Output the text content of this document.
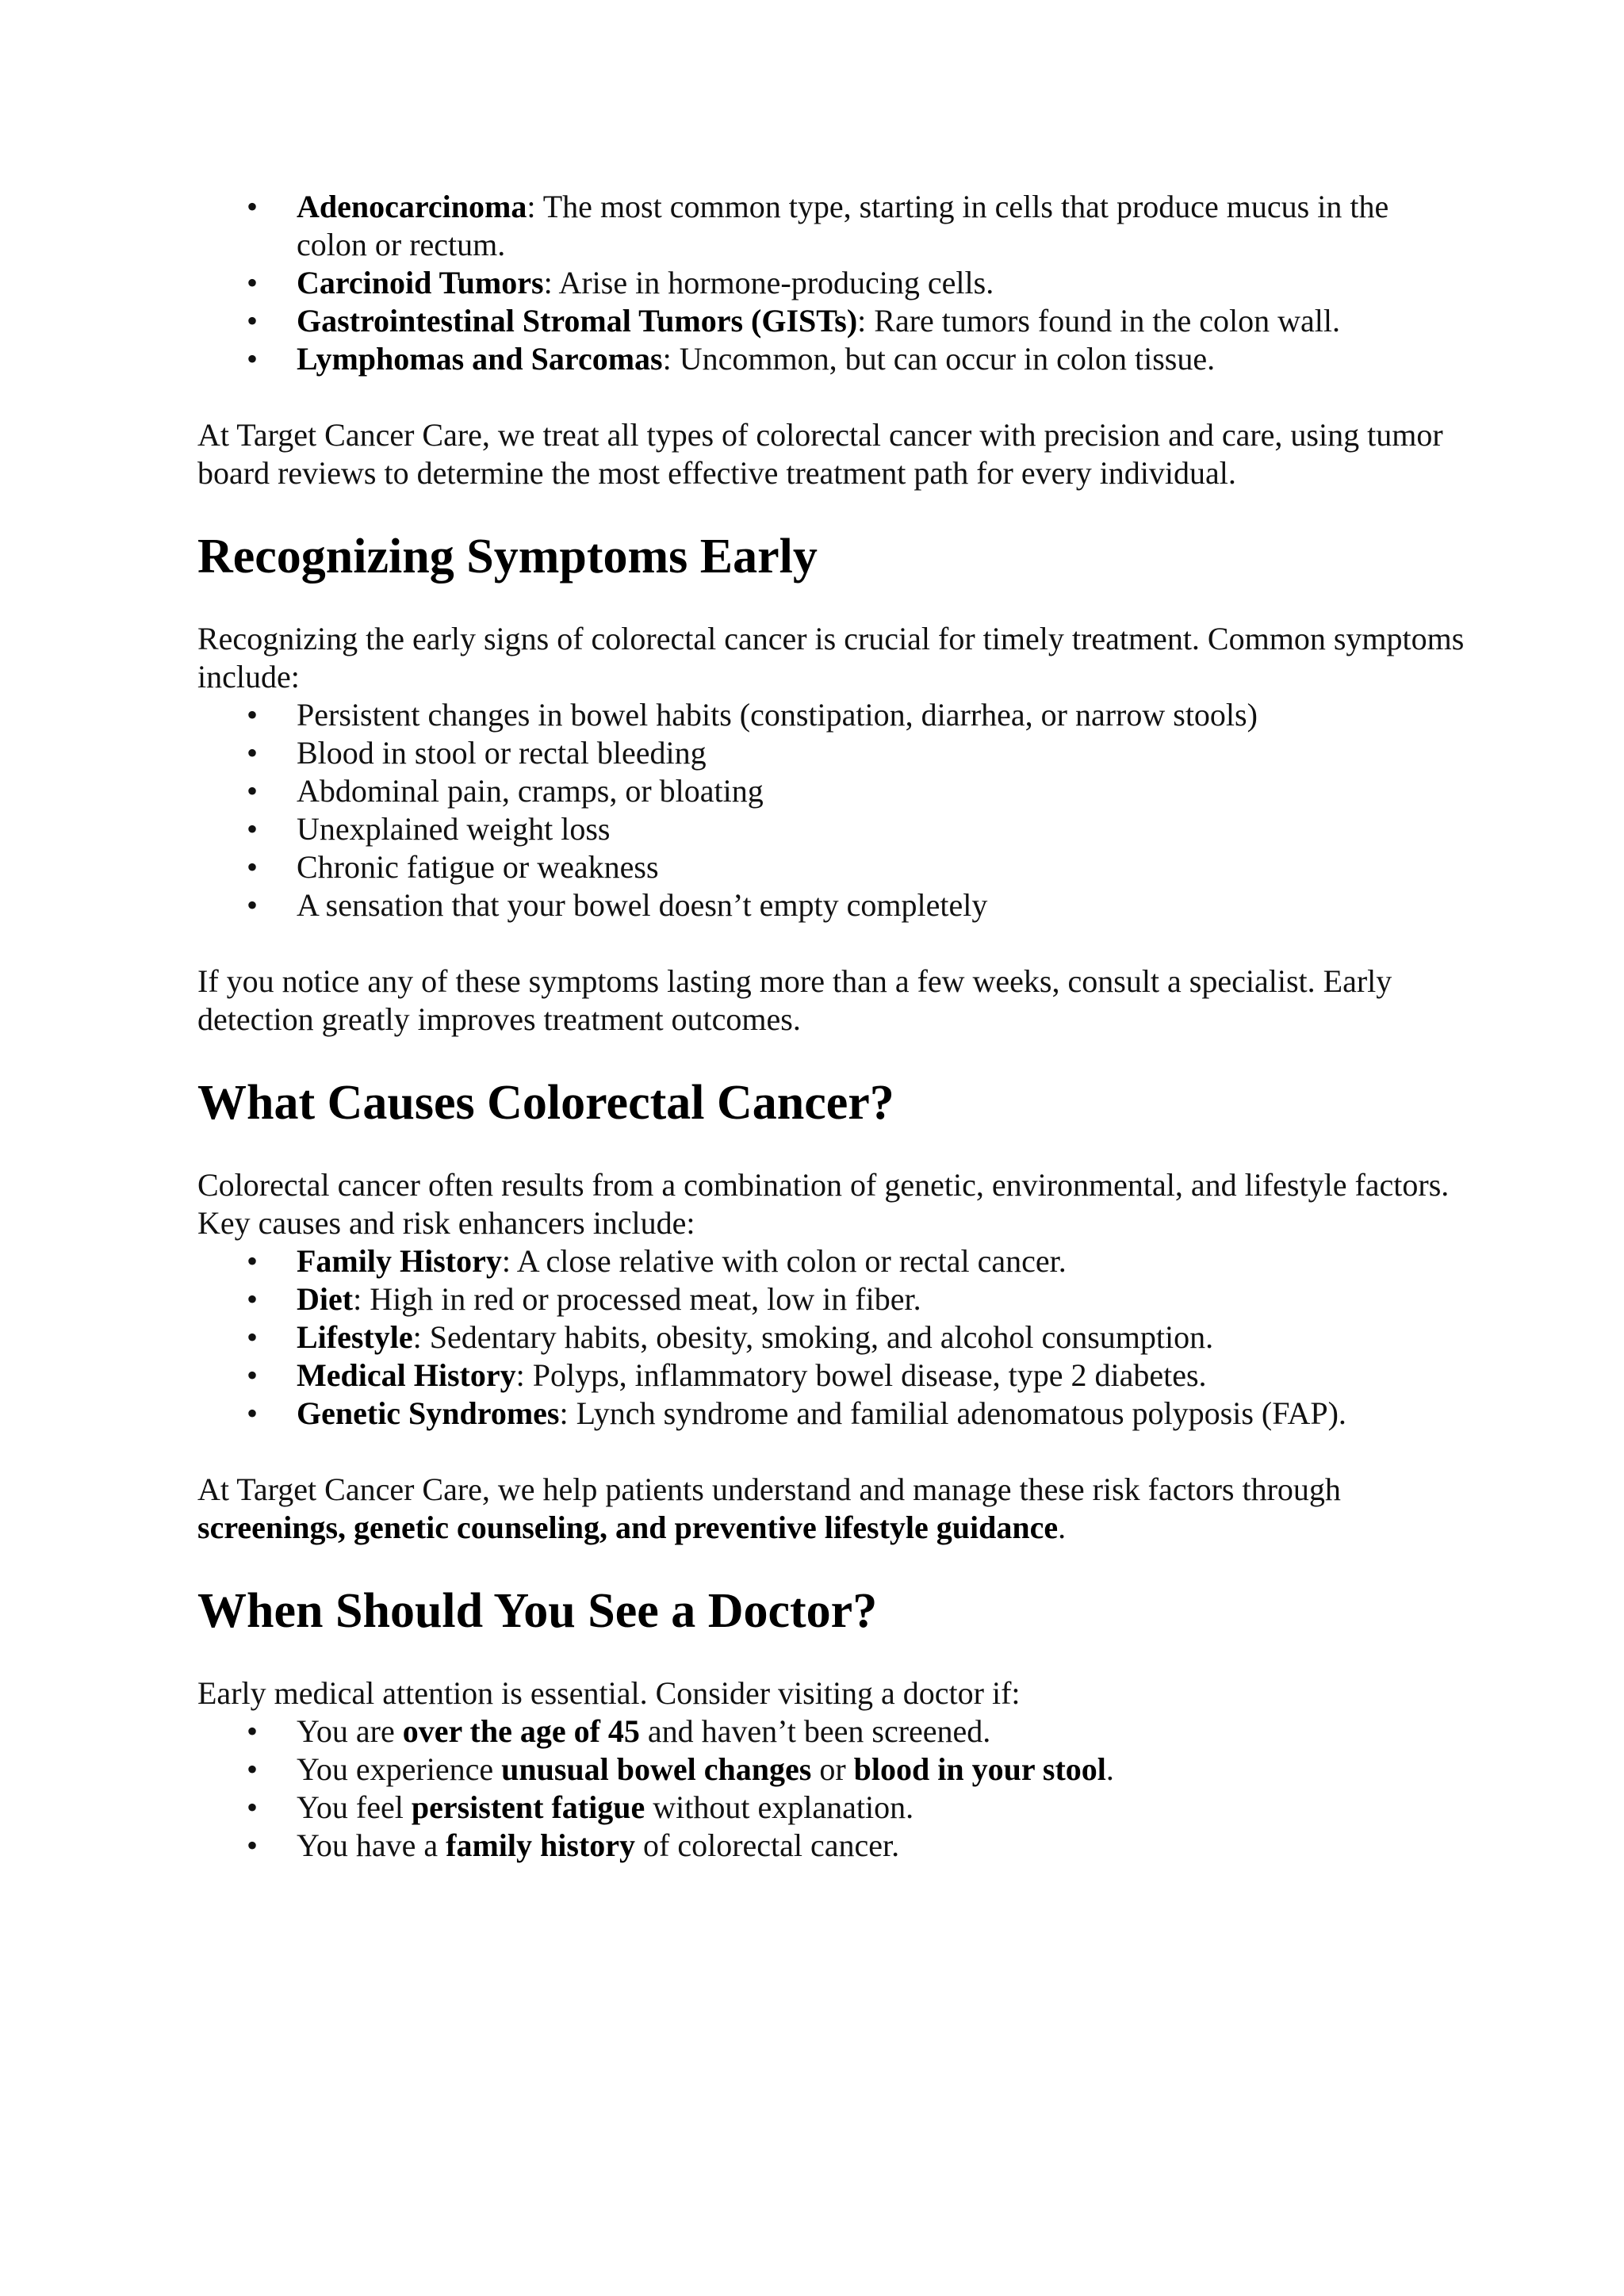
• Adenocarcinoma: The most common type, starting in cells that produce mucus in the colon or rectum.
• Carcinoid Tumors: Arise in hormone-producing cells.
• Gastrointestinal Stromal Tumors (GISTs): Rare tumors found in the colon wall.
• Lymphomas and Sarcomas: Uncommon, but can occur in colon tissue.

At Target Cancer Care, we treat all types of colorectal cancer with precision and care, using tumor board reviews to determine the most effective treatment path for every individual.

Recognizing Symptoms Early

Recognizing the early signs of colorectal cancer is crucial for timely treatment. Common symptoms include:

• Persistent changes in bowel habits (constipation, diarrhea, or narrow stools)
• Blood in stool or rectal bleeding
• Abdominal pain, cramps, or bloating
• Unexplained weight loss
• Chronic fatigue or weakness
• A sensation that your bowel doesn’t empty completely

If you notice any of these symptoms lasting more than a few weeks, consult a specialist. Early detection greatly improves treatment outcomes.

What Causes Colorectal Cancer?

Colorectal cancer often results from a combination of genetic, environmental, and lifestyle factors. Key causes and risk enhancers include:

• Family History: A close relative with colon or rectal cancer.
• Diet: High in red or processed meat, low in fiber.
• Lifestyle: Sedentary habits, obesity, smoking, and alcohol consumption.
• Medical History: Polyps, inflammatory bowel disease, type 2 diabetes.
• Genetic Syndromes: Lynch syndrome and familial adenomatous polyposis (FAP).

At Target Cancer Care, we help patients understand and manage these risk factors through screenings, genetic counseling, and preventive lifestyle guidance.

When Should You See a Doctor?

Early medical attention is essential. Consider visiting a doctor if:

• You are over the age of 45 and haven’t been screened.
• You experience unusual bowel changes or blood in your stool.
• You feel persistent fatigue without explanation.
• You have a family history of colorectal cancer.
